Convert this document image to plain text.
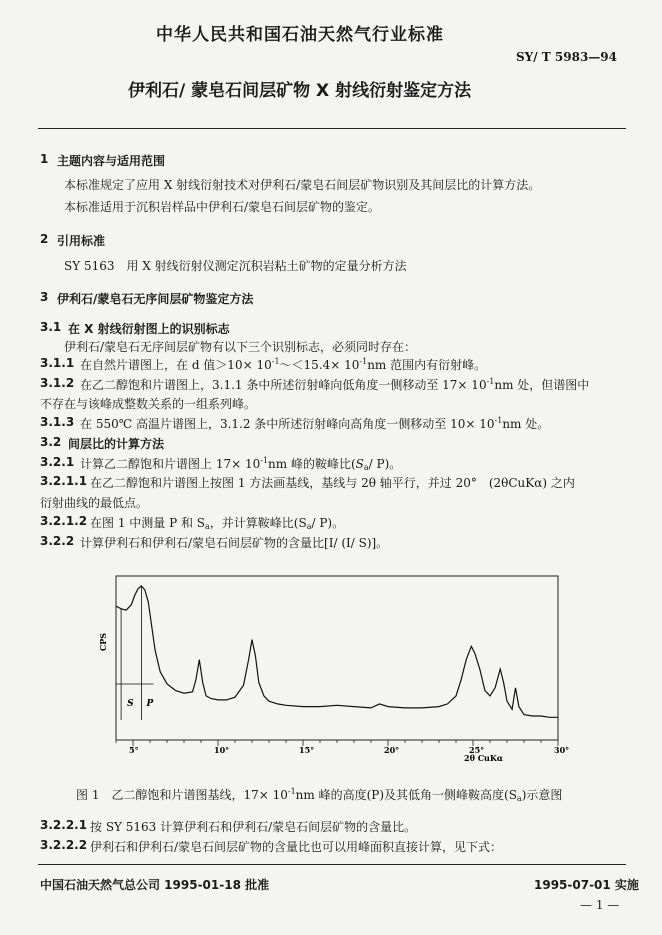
中华人民共和国石油天然气行业标准
SY/ T 5983—94
伊利石/ 蒙皂石间层矿物 X 射线衍射鉴定方法
1 主题内容与适用范围
本标准规定了应用 X 射线衍射技术对伊利石/蒙皂石间层矿物识别及其间层比的计算方法。
本标准适用于沉积岩样品中伊利石/蒙皂石间层矿物的鉴定。
2 引用标准
SY 5163　用 X 射线衍射仪测定沉积岩粘土矿物的定量分析方法
3 伊利石/蒙皂石无序间层矿物鉴定方法
3.1 在 X 射线衍射图上的识别标志
伊利石/蒙皂石无序间层矿物有以下三个识别标志，必须同时存在：
3.1.1 在自然片谱图上，在 d 值$>10\times 10^{-1}\sim<15.4\times 10^{-1}nm$ 范围内有衍射峰。
3.1.2 在乙二醇饱和片谱图上，3.1.1 条中所述衍射峰向低角度一侧移动至 $17\times 10^{-1}nm$ 处，但谱图中
不存在与该峰成整数关系的一组系列峰。
3.1.3 在 550℃ 高温片谱图上，3.1.2 条中所述衍射峰向高角度一侧移动至 $10\times 10^{-1}nm$ 处。
3.2 间层比的计算方法
3.2.1 计算乙二醇饱和片谱图上 $17\times 10^{-1}nm$ 峰的鞍峰比($S_a/$ P)。
3.2.1.1 在乙二醇饱和片谱图上按图 1 方法画基线，基线与 2θ 轴平行，并过 20°　(2θCuKα) 之内
衍射曲线的最低点。
3.2.1.2 在图 1 中测量 P 和 $S_a$，并计算鞍峰比($S_a/$ P)。
3.2.2 计算伊利石和伊利石/蒙皂石间层矿物的含量比[I/ (I/ S)]。
CPS
5°	10°	15°	20°	25°	30°
S P
2θ CuKα
图 1　乙二醇饱和片谱图基线，$17\times 10^{-1}nm$ 峰的高度(P)及其低角一侧峰鞍高度$(S_a)$示意图
3.2.2.1 按 SY 5163 计算伊利石和伊利石/蒙皂石间层矿物的含量比。
3.2.2.2 伊利石和伊利石/蒙皂石间层矿物的含量比也可以用峰面积直接计算，见下式：
中国石油天然气总公司 1995-01-18 批准	1995-07-01 实施
— 1 —
